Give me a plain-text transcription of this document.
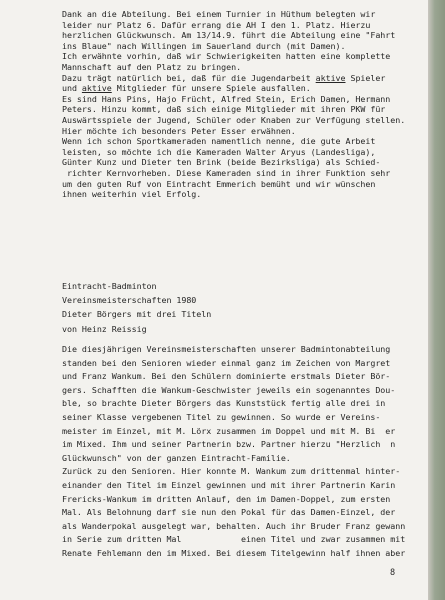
Dank an die Abteilung. Bei einem Turnier in Hüthum belegten wir
leider nur Platz 6. Dafür errang die AH I den 1. Platz. Hierzu
herzlichen Glückwunsch. Am 13/14.9. führt die Abteilung eine "Fahrt
ins Blaue" nach Willingen im Sauerland durch (mit Damen).
Ich erwähnte vorhin, daß wir Schwierigkeiten hatten eine komplette
Mannschaft auf den Platz zu bringen.
Dazu trägt natürlich bei, daß für die Jugendarbeit aktive Spieler
und aktive Mitglieder für unsere Spiele ausfallen.
Es sind Hans Pins, Hajo Frücht, Alfred Stein, Erich Damen, Hermann
Peters. Hinzu kommt, daß sich einige Mitglieder mit ihren PKW für
Auswärtsspiele der Jugend, Schüler oder Knaben zur Verfügung stellen.
Hier möchte ich besonders Peter Esser erwähnen.
Wenn ich schon Sportkameraden namentlich nenne, die gute Arbeit
leisten, so möchte ich die Kameraden Walter Aryus (Landesliga),
Günter Kunz und Dieter ten Brink (beide Bezirksliga) als Schied-
richter Kernvorheben. Diese Kameraden sind in ihrer Funktion sehr
um den guten Ruf von Eintracht Emmerich bemüht und wir wünschen
ihnen weiterhin viel Erfolg.
Eintracht-Badminton
Vereinsmeisterschaften 1980
Dieter Börgers mit drei Titeln
von Heinz Reissig
Die diesjährigen Vereinsmeisterschaften unserer Badmintonabteilung
standen bei den Senioren wieder einmal ganz im Zeichen von Margret
und Franz Wankum. Bei den Schülern dominierte erstmals Dieter Bör-
gers. Schafften die Wankum-Geschwister jeweils ein sogenanntes Dou-
ble, so brachte Dieter Börgers das Kunststück fertig alle drei in
seiner Klasse vergebenen Titel zu gewinnen. So wurde er Vereins-
meister im Einzel, mit M. Lörx zusammen im Doppel und mit M. Bi  er
im Mixed. Ihm und seiner Partnerin bzw. Partner hierzu "Herzlich  n
Glückwunsch" von der ganzen Eintracht-Familie.
Zurück zu den Senioren. Hier konnte M. Wankum zum drittenmal hinter-
einander den Titel im Einzel gewinnen und mit ihrer Partnerin Karin
Frericks-Wankum im dritten Anlauf, den im Damen-Doppel, zum ersten
Mal. Als Belohnung darf sie nun den Pokal für das Damen-Einzel, der
als Wanderpokal ausgelegt war, behalten. Auch ihr Bruder Franz gewann
in Serie zum dritten Mal            einen Titel und zwar zusammen mit
Renate Fehlemann den im Mixed. Bei diesem Titelgewinn half ihnen aber
8
